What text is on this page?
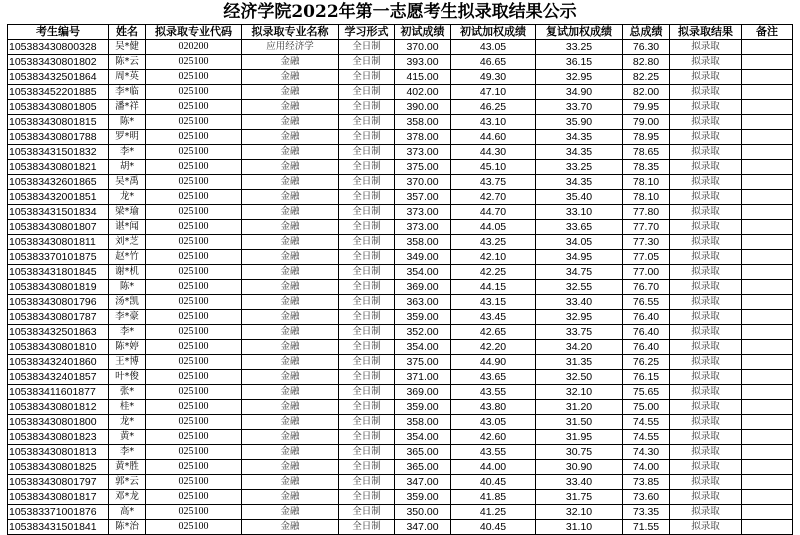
经济学院2022年第一志愿考生拟录取结果公示
考生编号	姓名	拟录取专业代码	拟录取专业名称	学习形式	初试成绩	初试加权成绩	复试加权成绩	总成绩	拟录取结果	备注
105383430800328	吴*健	020200	应用经济学	全日制	370.00	43.05	33.25	76.30	拟录取	
105383430801802	陈*云	025100	金融	全日制	393.00	46.65	36.15	82.80	拟录取	
105383432501864	周*英	025100	金融	全日制	415.00	49.30	32.95	82.25	拟录取	
105383452201885	李*临	025100	金融	全日制	402.00	47.10	34.90	82.00	拟录取	
105383430801805	潘*祥	025100	金融	全日制	390.00	46.25	33.70	79.95	拟录取	
105383430801815	陈*	025100	金融	全日制	358.00	43.10	35.90	79.00	拟录取	
105383430801788	罗*明	025100	金融	全日制	378.00	44.60	34.35	78.95	拟录取	
105383431501832	李*	025100	金融	全日制	373.00	44.30	34.35	78.65	拟录取	
105383430801821	胡*	025100	金融	全日制	375.00	45.10	33.25	78.35	拟录取	
105383432601865	吴*禹	025100	金融	全日制	370.00	43.75	34.35	78.10	拟录取	
105383432001851	龙*	025100	金融	全日制	357.00	42.70	35.40	78.10	拟录取	
105383431501834	梁*瑜	025100	金融	全日制	373.00	44.70	33.10	77.80	拟录取	
105383430801807	谌*闻	025100	金融	全日制	373.00	44.05	33.65	77.70	拟录取	
105383430801811	刘*芝	025100	金融	全日制	358.00	43.25	34.05	77.30	拟录取	
105383370101875	赵*竹	025100	金融	全日制	349.00	42.10	34.95	77.05	拟录取	
105383431801845	谢*机	025100	金融	全日制	354.00	42.25	34.75	77.00	拟录取	
105383430801819	陈*	025100	金融	全日制	369.00	44.15	32.55	76.70	拟录取	
105383430801796	汤*凯	025100	金融	全日制	363.00	43.15	33.40	76.55	拟录取	
105383430801787	李*豪	025100	金融	全日制	359.00	43.45	32.95	76.40	拟录取	
105383432501863	李*	025100	金融	全日制	352.00	42.65	33.75	76.40	拟录取	
105383430801810	陈*婷	025100	金融	全日制	354.00	42.20	34.20	76.40	拟录取	
105383432401860	王*博	025100	金融	全日制	375.00	44.90	31.35	76.25	拟录取	
105383432401857	叶*俊	025100	金融	全日制	371.00	43.65	32.50	76.15	拟录取	
105383411601877	张*	025100	金融	全日制	369.00	43.55	32.10	75.65	拟录取	
105383430801812	桂*	025100	金融	全日制	359.00	43.80	31.20	75.00	拟录取	
105383430801800	龙*	025100	金融	全日制	358.00	43.05	31.50	74.55	拟录取	
105383430801823	黄*	025100	金融	全日制	354.00	42.60	31.95	74.55	拟录取	
105383430801813	李*	025100	金融	全日制	365.00	43.55	30.75	74.30	拟录取	
105383430801825	黄*胜	025100	金融	全日制	365.00	44.00	30.90	74.00	拟录取	
105383430801797	郭*云	025100	金融	全日制	347.00	40.45	33.40	73.85	拟录取	
105383430801817	邓*龙	025100	金融	全日制	359.00	41.85	31.75	73.60	拟录取	
105383371001876	高*	025100	金融	全日制	350.00	41.25	32.10	73.35	拟录取	
105383431501841	陈*治	025100	金融	全日制	347.00	40.45	31.10	71.55	拟录取	
